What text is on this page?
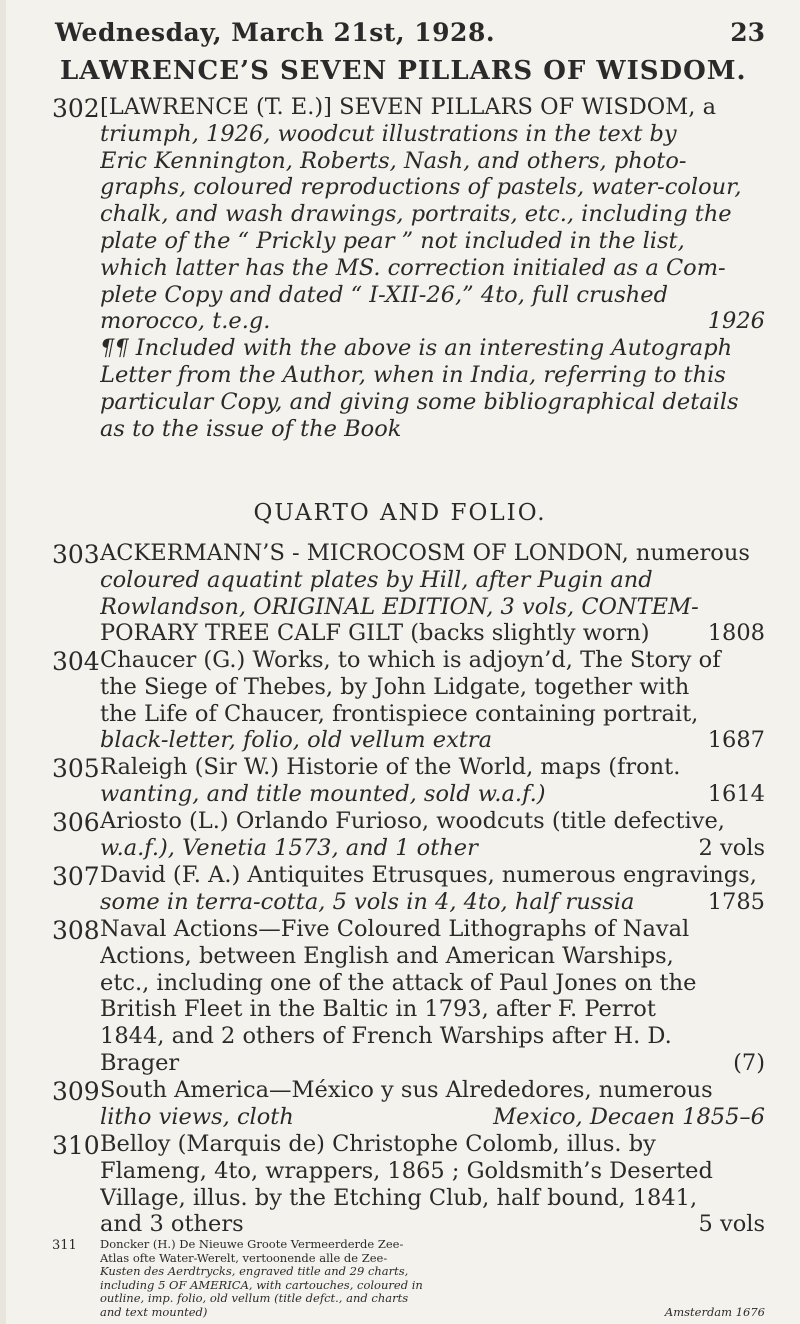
Wednesday, March 21st, 1928.	23
LAWRENCE’S SEVEN PILLARS OF WISDOM.
302 [LAWRENCE (T. E.)] SEVEN PILLARS OF WISDOM, a
triumph, 1926, woodcut illustrations in the text by
Eric Kennington, Roberts, Nash, and others, photo-
graphs, coloured reproductions of pastels, water-colour,
chalk, and wash drawings, portraits, etc., including the
plate of the “ Prickly pear ” not included in the list,
which latter has the MS. correction initialed as a Com-
plete Copy and dated “ I-XII-26,” 4to, full crushed
morocco, t.e.g.	1926
¶¶ Included with the above is an interesting Autograph
Letter from the Author, when in India, referring to this
particular Copy, and giving some bibliographical details
as to the issue of the Book
QUARTO AND FOLIO.
303 ACKERMANN’S - MICROCOSM OF LONDON, numerous
coloured aquatint plates by Hill, after Pugin and
Rowlandson, ORIGINAL EDITION, 3 vols, CONTEM-
PORARY TREE CALF GILT (backs slightly worn)	1808
304 Chaucer (G.) Works, to which is adjoyn’d, The Story of
the Siege of Thebes, by John Lidgate, together with
the Life of Chaucer, frontispiece containing portrait,
black-letter, folio, old vellum extra	1687
305 Raleigh (Sir W.) Historie of the World, maps (front.
wanting, and title mounted, sold w.a.f.)	1614
306 Ariosto (L.) Orlando Furioso, woodcuts (title defective,
w.a.f.), Venetia 1573, and 1 other	2 vols
307 David (F. A.) Antiquites Etrusques, numerous engravings,
some in terra-cotta, 5 vols in 4, 4to, half russia	1785
308 Naval Actions—Five Coloured Lithographs of Naval
Actions, between English and American Warships,
etc., including one of the attack of Paul Jones on the
British Fleet in the Baltic in 1793, after F. Perrot
1844, and 2 others of French Warships after H. D.
Brager	(7)
309 South America—México y sus Alrededores, numerous
litho views, cloth	Mexico, Decaen 1855–6
310 Belloy (Marquis de) Christophe Colomb, illus. by
Flameng, 4to, wrappers, 1865 ; Goldsmith’s Deserted
Village, illus. by the Etching Club, half bound, 1841,
and 3 others	5 vols
311	Doncker (H.) De Nieuwe Groote Vermeerderde Zee-
Atlas ofte Water-Werelt, vertoonende alle de Zee-
Kusten des Aerdtrycks, engraved title and 29 charts,
including 5 OF AMERICA, with cartouches, coloured in
outline, imp. folio, old vellum (title defct., and charts
and text mounted)	Amsterdam 1676
